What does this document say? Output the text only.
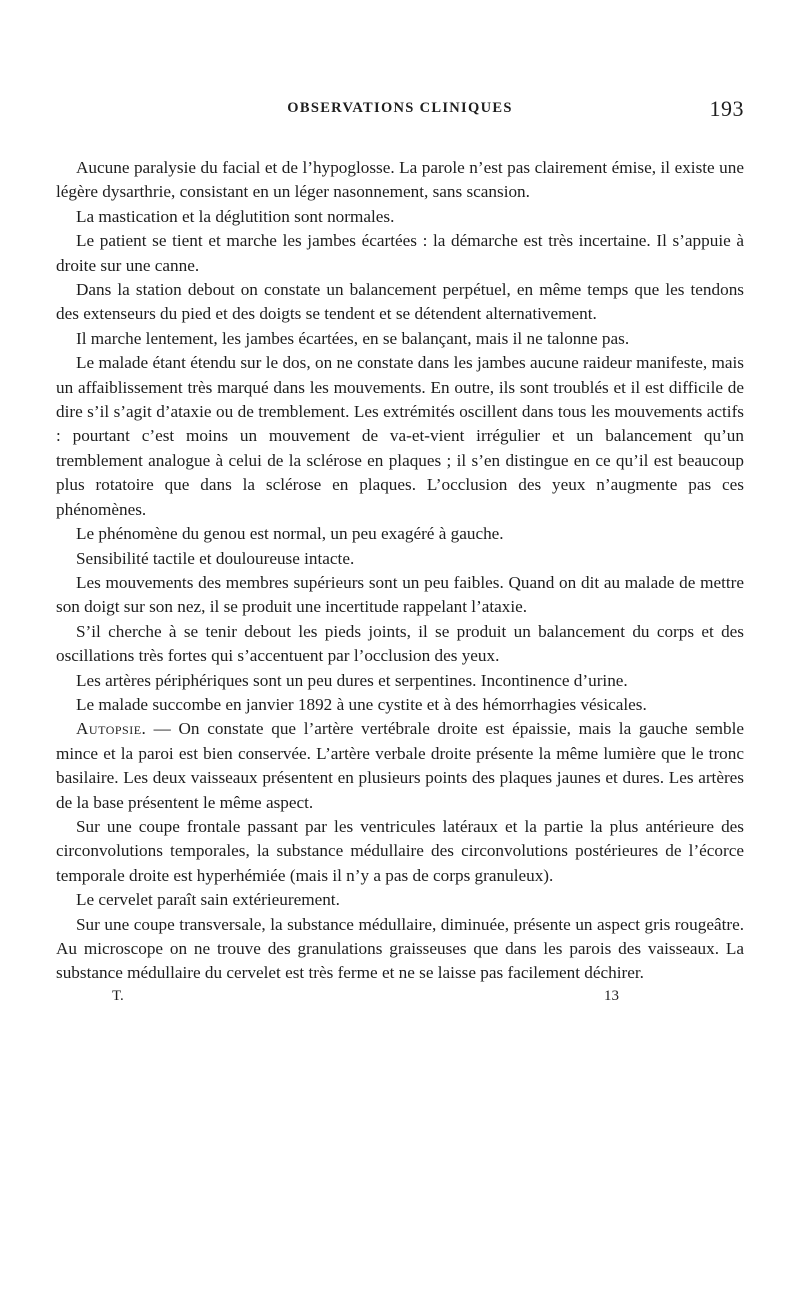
OBSERVATIONS CLINIQUES	193

Aucune paralysie du facial et de l’hypoglosse. La parole n’est pas clairement émise, il existe une légère dysarthrie, consistant en un léger nasonnement, sans scansion.

La mastication et la déglutition sont normales.

Le patient se tient et marche les jambes écartées : la démarche est très incertaine. Il s’appuie à droite sur une canne.

Dans la station debout on constate un balancement perpétuel, en même temps que les tendons des extenseurs du pied et des doigts se tendent et se détendent alternativement.

Il marche lentement, les jambes écartées, en se balançant, mais il ne talonne pas.

Le malade étant étendu sur le dos, on ne constate dans les jambes aucune raideur manifeste, mais un affaiblissement très marqué dans les mouvements. En outre, ils sont troublés et il est difficile de dire s’il s’agit d’ataxie ou de tremblement. Les extrémités oscillent dans tous les mouvements actifs : pourtant c’est moins un mouvement de va-et-vient irrégulier et un balancement qu’un tremblement analogue à celui de la sclérose en plaques ; il s’en distingue en ce qu’il est beaucoup plus rotatoire que dans la sclérose en plaques. L’occlusion des yeux n’augmente pas ces phénomènes.

Le phénomène du genou est normal, un peu exagéré à gauche.

Sensibilité tactile et douloureuse intacte.

Les mouvements des membres supérieurs sont un peu faibles. Quand on dit au malade de mettre son doigt sur son nez, il se produit une incertitude rappelant l’ataxie.

S’il cherche à se tenir debout les pieds joints, il se produit un balancement du corps et des oscillations très fortes qui s’accentuent par l’occlusion des yeux.

Les artères périphériques sont un peu dures et serpentines. Incontinence d’urine.

Le malade succombe en janvier 1892 à une cystite et à des hémorrhagies vésicales.

Autopsie. — On constate que l’artère vertébrale droite est épaissie, mais la gauche semble mince et la paroi est bien conservée. L’artère verbale droite présente la même lumière que le tronc basilaire. Les deux vaisseaux présentent en plusieurs points des plaques jaunes et dures. Les artères de la base présentent le même aspect.

Sur une coupe frontale passant par les ventricules latéraux et la partie la plus antérieure des circonvolutions temporales, la substance médullaire des circonvolutions postérieures de l’écorce temporale droite est hyperhémiée (mais il n’y a pas de corps granuleux).

Le cervelet paraît sain extérieurement.

Sur une coupe transversale, la substance médullaire, diminuée, présente un aspect gris rougeâtre. Au microscope on ne trouve des granulations graisseuses que dans les parois des vaisseaux. La substance médullaire du cervelet est très ferme et ne se laisse pas facilement déchirer.

T.	13
